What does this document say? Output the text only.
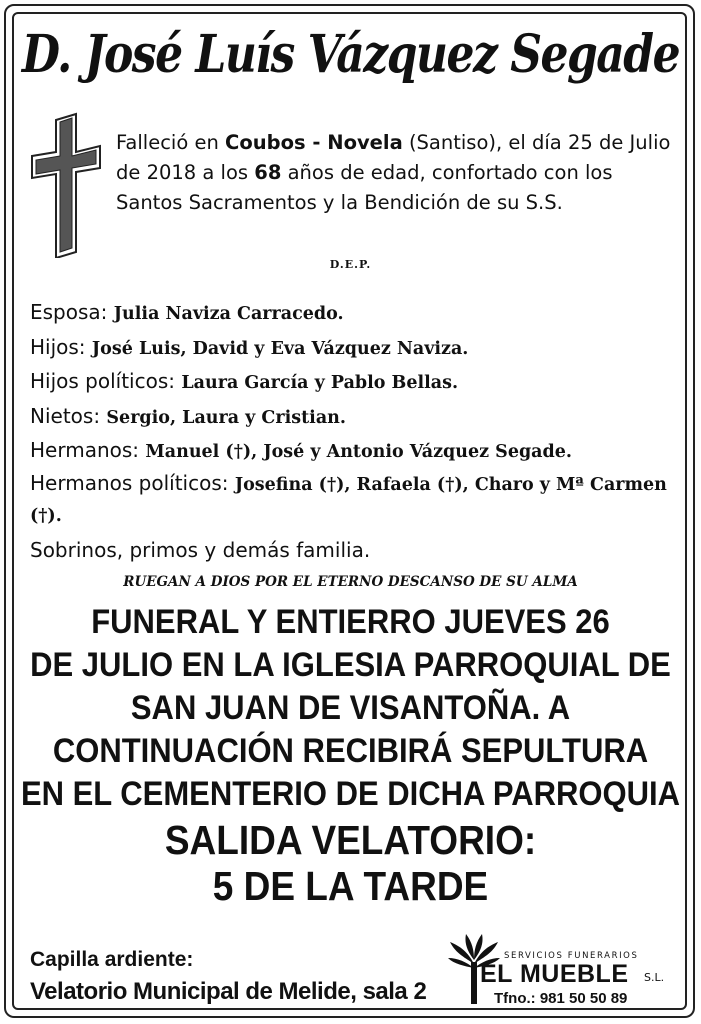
D. José Luís Vázquez Segade
Falleció en Coubos - Novela (Santiso), el día 25 de Julio de 2018 a los 68 años de edad, confortado con los Santos Sacramentos y la Bendición de su S.S.
D.E.P.
Esposa: Julia Naviza Carracedo.
Hijos: José Luis, David y Eva Vázquez Naviza.
Hijos políticos: Laura García y Pablo Bellas.
Nietos: Sergio, Laura y Cristian.
Hermanos: Manuel (†), José y Antonio Vázquez Segade.
Hermanos políticos: Josefina (†), Rafaela (†), Charo y Mª Carmen (†).
Sobrinos, primos y demás familia.
RUEGAN A DIOS POR EL ETERNO DESCANSO DE SU ALMA
FUNERAL Y ENTIERRO JUEVES 26
DE JULIO EN LA IGLESIA PARROQUIAL DE
SAN JUAN DE VISANTOÑA. A
CONTINUACIÓN RECIBIRÁ SEPULTURA
EN EL CEMENTERIO DE DICHA PARROQUIA
SALIDA VELATORIO:
5 DE LA TARDE
Capilla ardiente:
Velatorio Municipal de Melide, sala 2
SERVICIOS FUNERARIOS
EL MUEBLE S.L.
Tfno.: 981 50 50 89
